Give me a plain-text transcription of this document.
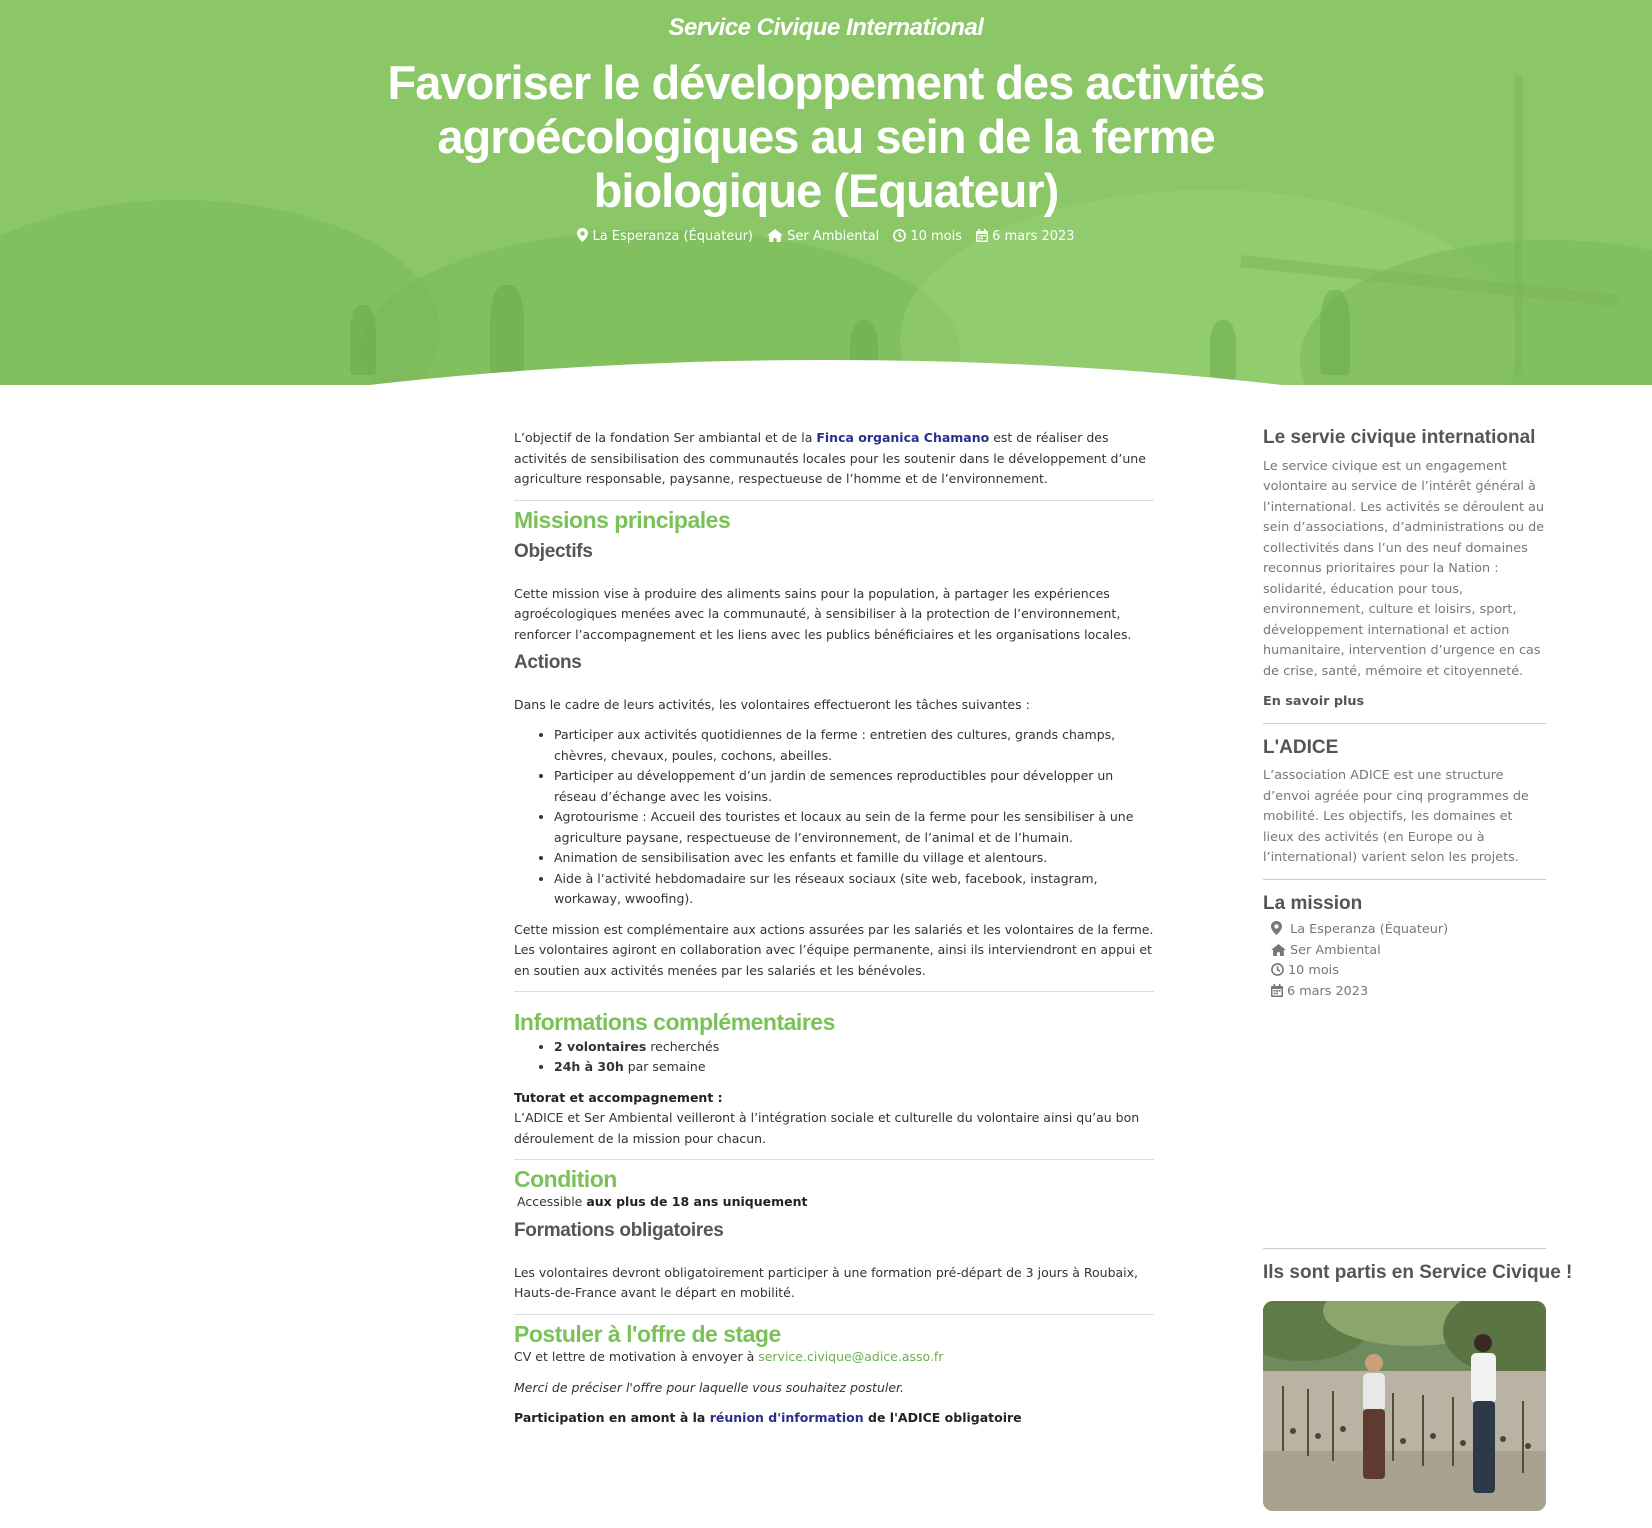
Service Civique International
Favoriser le développement des activités agroécologiques au sein de la ferme biologique (Equateur)
La Esperanza (Équateur)	Ser Ambiental 10 mois 6 mars 2023

L’objectif de la fondation Ser ambiantal et de la Finca organica Chamano est de réaliser des activités de sensibilisation des communautés locales pour les soutenir dans le développement d’une agriculture responsable, paysanne, respectueuse de l’homme et de l’environnement.

Missions principales
Objectifs

Cette mission vise à produire des aliments sains pour la population, à partager les expériences agroécologiques menées avec la communauté, à sensibiliser à la protection de l’environnement, renforcer l’accompagnement et les liens avec les publics bénéficiaires et les organisations locales.

Actions

Dans le cadre de leurs activités, les volontaires effectueront les tâches suivantes :

• Participer aux activités quotidiennes de la ferme : entretien des cultures, grands champs, chèvres, chevaux, poules, cochons, abeilles.
• Participer au développement d’un jardin de semences reproductibles pour développer un réseau d’échange avec les voisins.
• Agrotourisme : Accueil des touristes et locaux au sein de la ferme pour les sensibiliser à une agriculture paysane, respectueuse de l’environnement, de l’animal et de l’humain.
• Animation de sensibilisation avec les enfants et famille du village et alentours.
• Aide à l’activité hebdomadaire sur les réseaux sociaux (site web, facebook, instagram, workaway, wwoofing).

Cette mission est complémentaire aux actions assurées par les salariés et les volontaires de la ferme. Les volontaires agiront en collaboration avec l’équipe permanente, ainsi ils interviendront en appui et en soutien aux activités menées par les salariés et les bénévoles.

Informations complémentaires
• 2 volontaires recherchés
• 24h à 30h par semaine

Tutorat et accompagnement :

L’ADICE et Ser Ambiental veilleront à l’intégration sociale et culturelle du volontaire ainsi qu’au bon déroulement de la mission pour chacun.

Condition

Accessible aux plus de 18 ans uniquement

Formations obligatoires

Les volontaires devront obligatoirement participer à une formation pré-départ de 3 jours à Roubaix, Hauts-de-France avant le départ en mobilité.

Postuler à l'offre de stage

CV et lettre de motivation à envoyer à service.civique@adice.asso.fr

Merci de préciser l'offre pour laquelle vous souhaitez postuler.

Participation en amont à la réunion d'information de l'ADICE obligatoire

Le servie civique international

Le service civique est un engagement volontaire au service de l’intérêt général à l’international. Les activités se déroulent au sein d’associations, d’administrations ou de collectivités dans l’un des neuf domaines reconnus prioritaires pour la Nation : solidarité, éducation pour tous, environnement, culture et loisirs, sport, développement international et action humanitaire, intervention d’urgence en cas de crise, santé, mémoire et citoyenneté.

En savoir plus

L'ADICE

L’association ADICE est une structure d’envoi agréée pour cinq programmes de mobilité. Les objectifs, les domaines et lieux des activités (en Europe ou à l’international) varient selon les projets.

La mission
La Esperanza (Équateur)
Ser Ambiental
10 mois
6 mars 2023
Ils sont partis en Service Civique !
